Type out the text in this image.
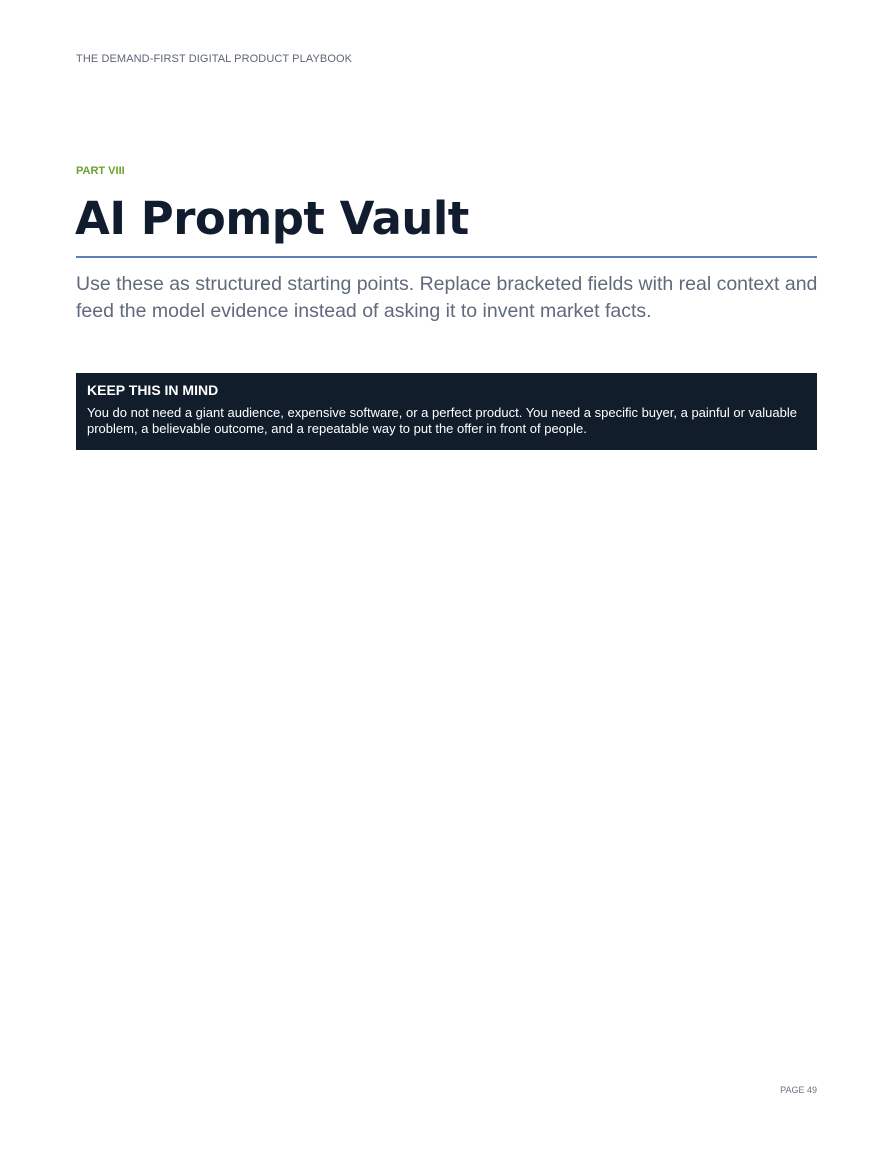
THE DEMAND-FIRST DIGITAL PRODUCT PLAYBOOK
PART VIII
AI Prompt Vault

Use these as structured starting points. Replace bracketed fields with real context and feed the model evidence instead of asking it to invent market facts.

KEEP THIS IN MIND
You do not need a giant audience, expensive software, or a perfect product. You need a specific buyer, a painful or valuable problem, a believable outcome, and a repeatable way to put the offer in front of people.
PAGE 49
